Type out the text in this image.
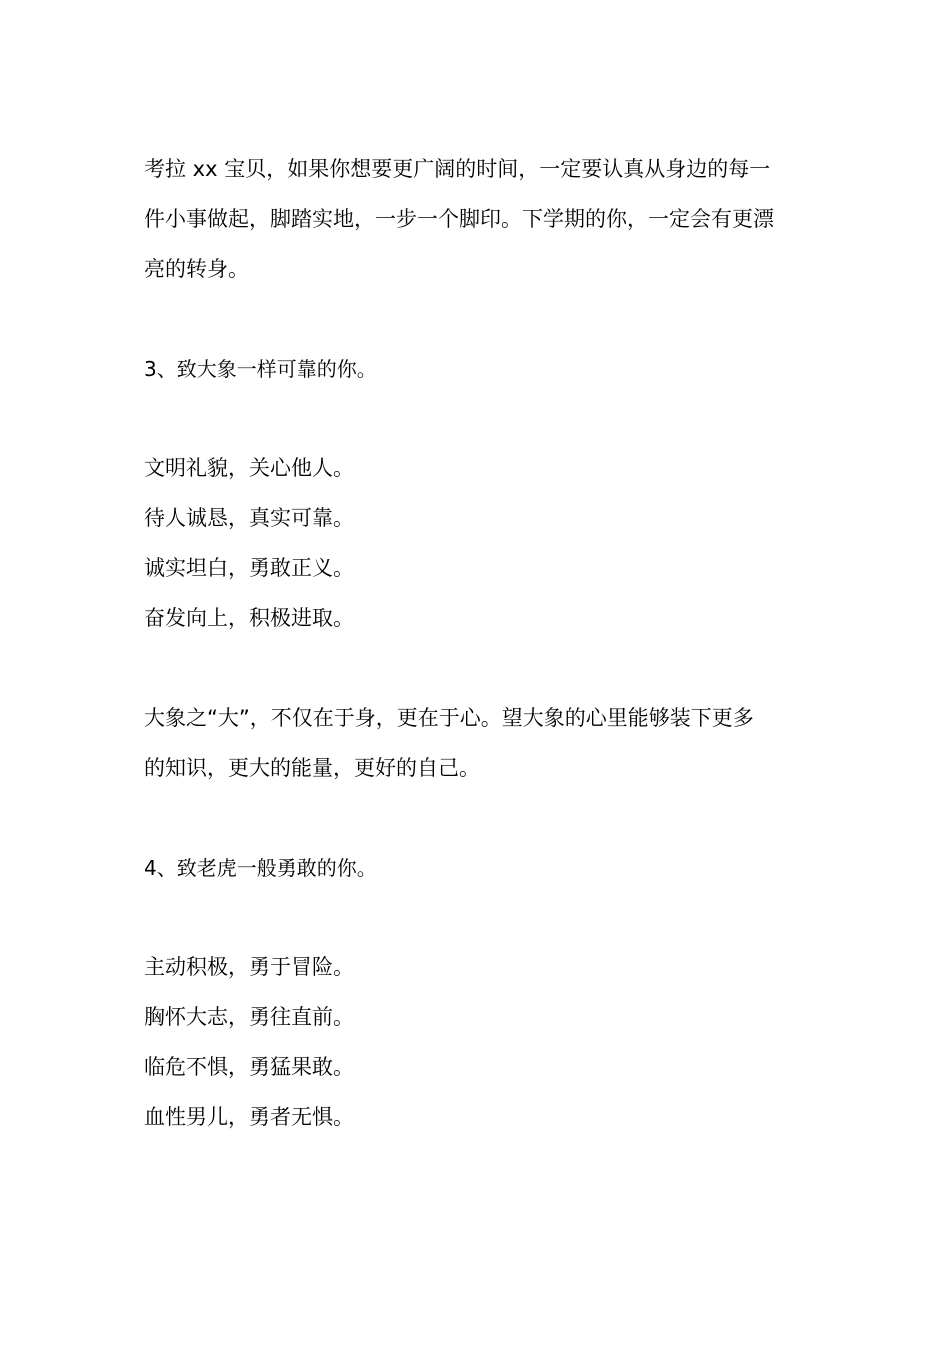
考拉 xx 宝贝，如果你想要更广阔的时间，一定要认真从身边的每一
件小事做起，脚踏实地，一步一个脚印。下学期的你，一定会有更漂
亮的转身。
3、致大象一样可靠的你。
文明礼貌，关心他人。
待人诚恳，真实可靠。
诚实坦白，勇敢正义。
奋发向上，积极进取。
大象之“大”，不仅在于身，更在于心。望大象的心里能够装下更多
的知识，更大的能量，更好的自己。
4、致老虎一般勇敢的你。
主动积极，勇于冒险。
胸怀大志，勇往直前。
临危不惧，勇猛果敢。
血性男儿，勇者无惧。
